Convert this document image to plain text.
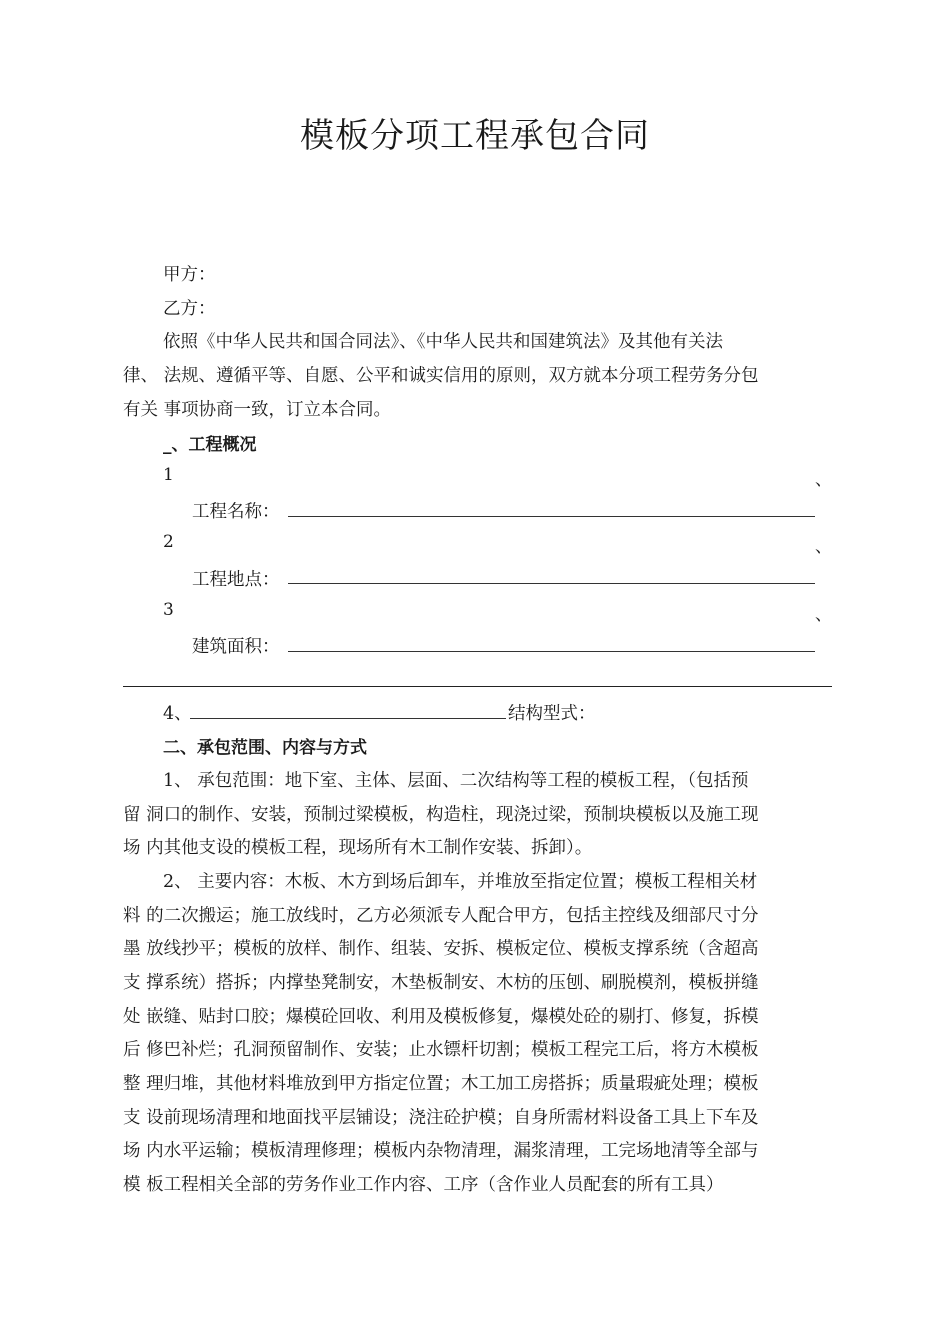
模板分项工程承包合同
甲方：
乙方：
依照《中华人民共和国合同法》、《中华人民共和国建筑法》及其他有关法
律、 法规、遵循平等、自愿、公平和诚实信用的原则，双方就本分项工程劳务分包
有关 事项协商一致，订立本合同。
_、工程概况
1	、
工程名称：
2	、
工程地点：
3	、
建筑面积：
4、	结构型式：
二、承包范围、内容与方式
1、 承包范围：地下室、主体、层面、二次结构等工程的模板工程，（包括预
留 洞口的制作、安装，预制过梁模板，构造柱，现浇过梁，预制块模板以及施工现
场 内其他支设的模板工程，现场所有木工制作安装、拆卸）。
2、 主要内容：木板、木方到场后卸车，并堆放至指定位置；模板工程相关材
料 的二次搬运；施工放线时，乙方必须派专人配合甲方，包括主控线及细部尺寸分
墨 放线抄平；模板的放样、制作、组装、安拆、模板定位、模板支撑系统（含超高
支 撑系统）搭拆；内撑垫凳制安，木垫板制安、木枋的压刨、刷脱模剂，模板拼缝
处 嵌缝、贴封口胶；爆模砼回收、利用及模板修复，爆模处砼的剔打、修复，拆模
后 修巴补烂；孔洞预留制作、安装；止水镖杆切割；模板工程完工后，将方木模板
整 理归堆，其他材料堆放到甲方指定位置；木工加工房搭拆；质量瑕疵处理；模板
支 设前现场清理和地面找平层铺设；浇注砼护模；自身所需材料设备工具上下车及
场 内水平运输；模板清理修理；模板内杂物清理，漏浆清理，工完场地清等全部与
模 板工程相关全部的劳务作业工作内容、工序（含作业人员配套的所有工具）
